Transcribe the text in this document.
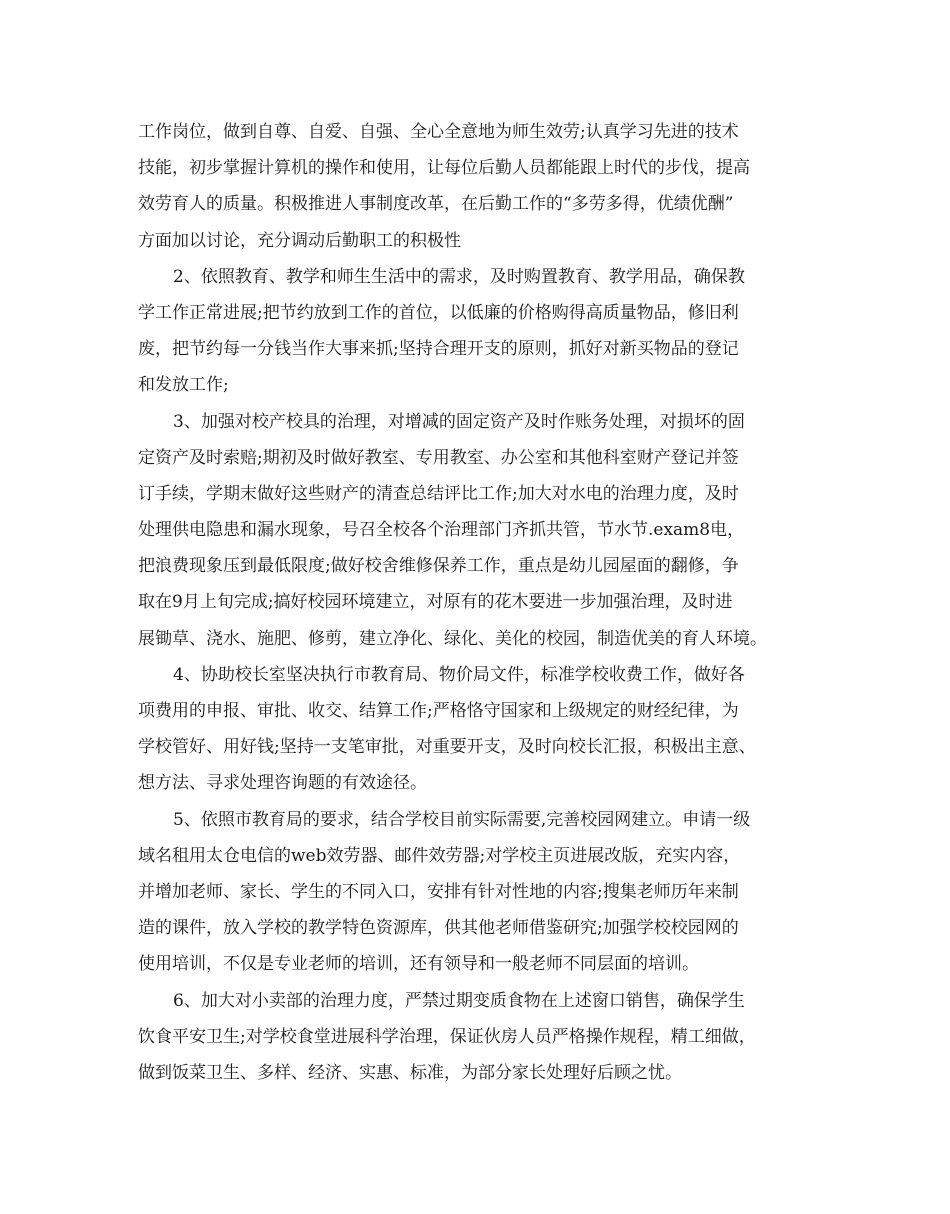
工作岗位，做到自尊、自爱、自强、全心全意地为师生效劳;认真学习先进的技术
技能，初步掌握计算机的操作和使用，让每位后勤人员都能跟上时代的步伐，提高
效劳育人的质量。积极推进人事制度改革，在后勤工作的“多劳多得，优绩优酬”
方面加以讨论，充分调动后勤职工的积极性
2、依照教育、教学和师生生活中的需求，及时购置教育、教学用品，确保教
学工作正常进展;把节约放到工作的首位，以低廉的价格购得高质量物品，修旧利
废，把节约每一分钱当作大事来抓;坚持合理开支的原则，抓好对新买物品的登记
和发放工作;
3、加强对校产校具的治理，对增减的固定资产及时作账务处理，对损坏的固
定资产及时索赔;期初及时做好教室、专用教室、办公室和其他科室财产登记并签
订手续，学期末做好这些财产的清查总结评比工作;加大对水电的治理力度，及时
处理供电隐患和漏水现象，号召全校各个治理部门齐抓共管，节水节.exam8电，
把浪费现象压到最低限度;做好校舍维修保养工作，重点是幼儿园屋面的翻修，争
取在9月上旬完成;搞好校园环境建立，对原有的花木要进一步加强治理，及时进
展锄草、浇水、施肥、修剪，建立净化、绿化、美化的校园，制造优美的育人环境。
4、协助校长室坚决执行市教育局、物价局文件，标准学校收费工作，做好各
项费用的申报、审批、收交、结算工作;严格恪守国家和上级规定的财经纪律，为
学校管好、用好钱;坚持一支笔审批，对重要开支，及时向校长汇报，积极出主意、
想方法、寻求处理咨询题的有效途径。
5、依照市教育局的要求，结合学校目前实际需要,完善校园网建立。申请一级
域名租用太仓电信的web效劳器、邮件效劳器;对学校主页进展改版，充实内容，
并增加老师、家长、学生的不同入口，安排有针对性地的内容;搜集老师历年来制
造的课件，放入学校的教学特色资源库，供其他老师借鉴研究;加强学校校园网的
使用培训，不仅是专业老师的培训，还有领导和一般老师不同层面的培训。
6、加大对小卖部的治理力度，严禁过期变质食物在上述窗口销售，确保学生
饮食平安卫生;对学校食堂进展科学治理，保证伙房人员严格操作规程，精工细做，
做到饭菜卫生、多样、经济、实惠、标准，为部分家长处理好后顾之忧。
